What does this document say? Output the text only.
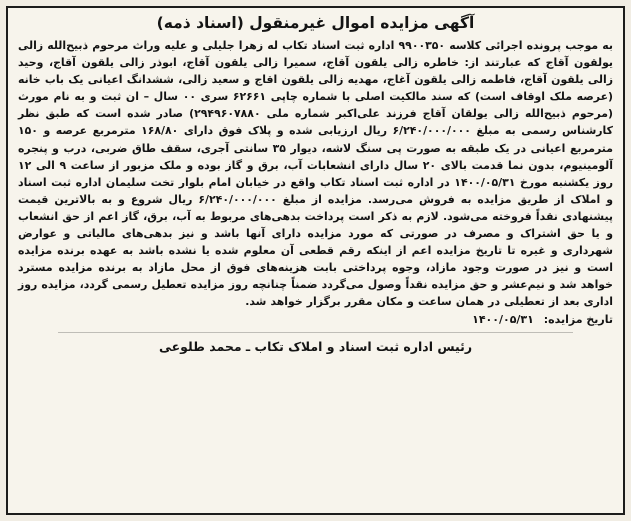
آگهی مزایده اموال غیرمنقول (اسناد ذمه)

به موجب پرونده اجرائی کلاسه ۹۹۰۰۳۵۰ اداره ثبت اسناد تکاب له زهرا جلیلی و علیه وراث مرحوم ذبیح‌الله زالی یولقون آقاج که عبارتند از: خاطره زالی یلقون آقاج، سمیرا زالی یلقون آقاج، ابوذر زالی یلقون آقاج، وحید زالی یلقون آقاج، فاطمه زالی یلقون آغاج، مهدیه زالی یلقون اقاج و سعید زالی، ششدانگ اعیانی یک باب خانه (عرصه ملک اوقاف است) که سند مالکیت اصلی با شماره چاپی ۶۲۶۶۱ سری ۰۰ سال – ان ثبت و به نام مورث (مرحوم ذبیح‌الله زالی یولقان آقاج فرزند علی‌اکبر شماره ملی ۲۹۴۹۶۰۷۸۸۰) صادر شده است که طبق نظر کارشناس رسمی به مبلغ ۶/۲۴۰/۰۰۰/۰۰۰ ریال ارزیابی شده و پلاک فوق دارای ۱۶۸/۸۰ مترمربع عرصه و ۱۵۰ مترمربع اعیانی در یک طبقه به صورت پی سنگ لاشه، دیوار ۳۵ سانتی آجری، سقف طاق ضربی، درب و پنجره آلومینیوم، بدون نما قدمت بالای ۲۰ سال دارای انشعابات آب، برق و گاز بوده و ملک مزبور از ساعت ۹ الی ۱۲ روز یکشنبه مورخ ۱۴۰۰/۰۵/۳۱ در اداره ثبت اسناد تکاب واقع در خیابان امام بلوار تخت سلیمان اداره ثبت اسناد و املاک از طریق مزایده به فروش می‌رسد. مزایده از مبلغ ۶/۲۴۰/۰۰۰/۰۰۰ ریال شروع و به بالاترین قیمت پیشنهادی نقداً فروخته می‌شود. لازم به ذکر است پرداخت بدهی‌های مربوط به آب، برق، گاز اعم از حق انشعاب و یا حق اشتراک و مصرف در صورتی که مورد مزایده دارای آنها باشد و نیز بدهی‌های مالیاتی و عوارض شهرداری و غیره تا تاریخ مزایده اعم از اینکه رقم قطعی آن معلوم شده یا نشده باشد به عهده برنده مزایده است و نیز در صورت وجود مازاد، وجوه پرداختی بابت هزینه‌های فوق از محل مازاد به برنده مزایده مسترد خواهد شد و نیم‌عشر و حق مزایده نقداً وصول می‌گردد ضمناً چنانچه روز مزایده تعطیل رسمی گردد، مزایده روز اداری بعد از تعطیلی در همان ساعت و مکان مقرر برگزار خواهد شد.

تاریخ مزایده: ۱۴۰۰/۰۵/۳۱

رئیس اداره ثبت اسناد و املاک تکاب ـ محمد طلوعی
